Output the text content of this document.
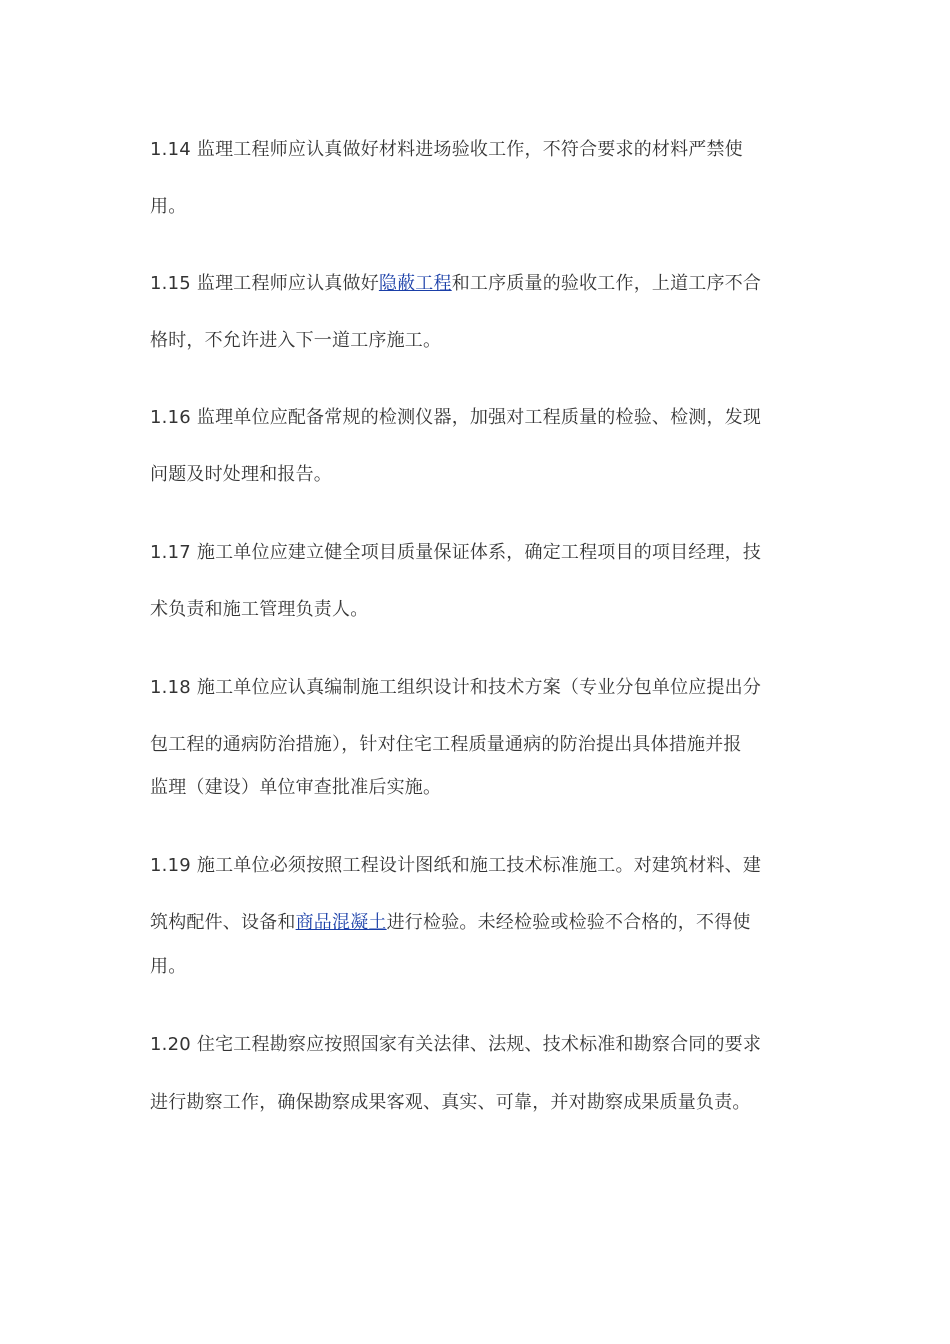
1.14 监理工程师应认真做好材料进场验收工作，不符合要求的材料严禁使
用。
1.15 监理工程师应认真做好隐蔽工程和工序质量的验收工作，上道工序不合
格时，不允许进入下一道工序施工。
1.16 监理单位应配备常规的检测仪器，加强对工程质量的检验、检测，发现
问题及时处理和报告。
1.17 施工单位应建立健全项目质量保证体系，确定工程项目的项目经理，技
术负责和施工管理负责人。
1.18 施工单位应认真编制施工组织设计和技术方案（专业分包单位应提出分
包工程的通病防治措施），针对住宅工程质量通病的防治提出具体措施并报
监理（建设）单位审查批准后实施。
1.19 施工单位必须按照工程设计图纸和施工技术标准施工。对建筑材料、建
筑构配件、设备和商品混凝土进行检验。未经检验或检验不合格的，不得使
用。
1.20 住宅工程勘察应按照国家有关法律、法规、技术标准和勘察合同的要求
进行勘察工作，确保勘察成果客观、真实、可靠，并对勘察成果质量负责。
